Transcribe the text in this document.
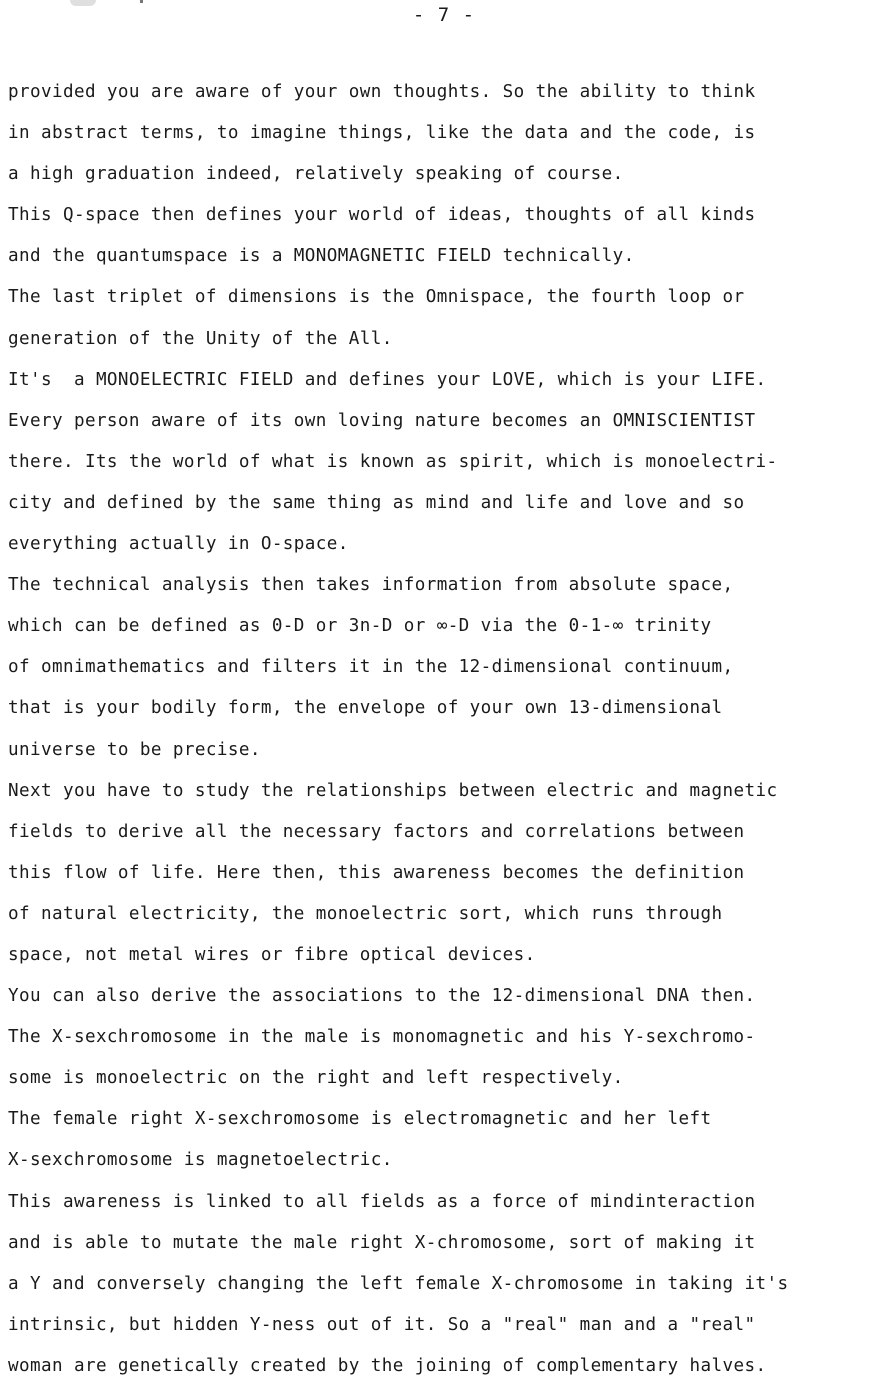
- 7 -
provided you are aware of your own thoughts. So the ability to think
in abstract terms, to imagine things, like the data and the code, is
a high graduation indeed, relatively speaking of course.
This Q-space then defines your world of ideas, thoughts of all kinds
and the quantumspace is a MONOMAGNETIC FIELD technically.
The last triplet of dimensions is the Omnispace, the fourth loop or
generation of the Unity of the All.
It's  a MONOELECTRIC FIELD and defines your LOVE, which is your LIFE.
Every person aware of its own loving nature becomes an OMNISCIENTIST
there. Its the world of what is known as spirit, which is monoelectri-
city and defined by the same thing as mind and life and love and so
everything actually in O-space.
The technical analysis then takes information from absolute space,
which can be defined as 0-D or 3n-D or ∞-D via the 0-1-∞ trinity
of omnimathematics and filters it in the 12-dimensional continuum,
that is your bodily form, the envelope of your own 13-dimensional
universe to be precise.
Next you have to study the relationships between electric and magnetic
fields to derive all the necessary factors and correlations between
this flow of life. Here then, this awareness becomes the definition
of natural electricity, the monoelectric sort, which runs through
space, not metal wires or fibre optical devices.
You can also derive the associations to the 12-dimensional DNA then.
The X-sexchromosome in the male is monomagnetic and his Y-sexchromo-
some is monoelectric on the right and left respectively.
The female right X-sexchromosome is electromagnetic and her left
X-sexchromosome is magnetoelectric.
This awareness is linked to all fields as a force of mindinteraction
and is able to mutate the male right X-chromosome, sort of making it
a Y and conversely changing the left female X-chromosome in taking it's
intrinsic, but hidden Y-ness out of it. So a "real" man and a "real"
woman are genetically created by the joining of complementary halves.
